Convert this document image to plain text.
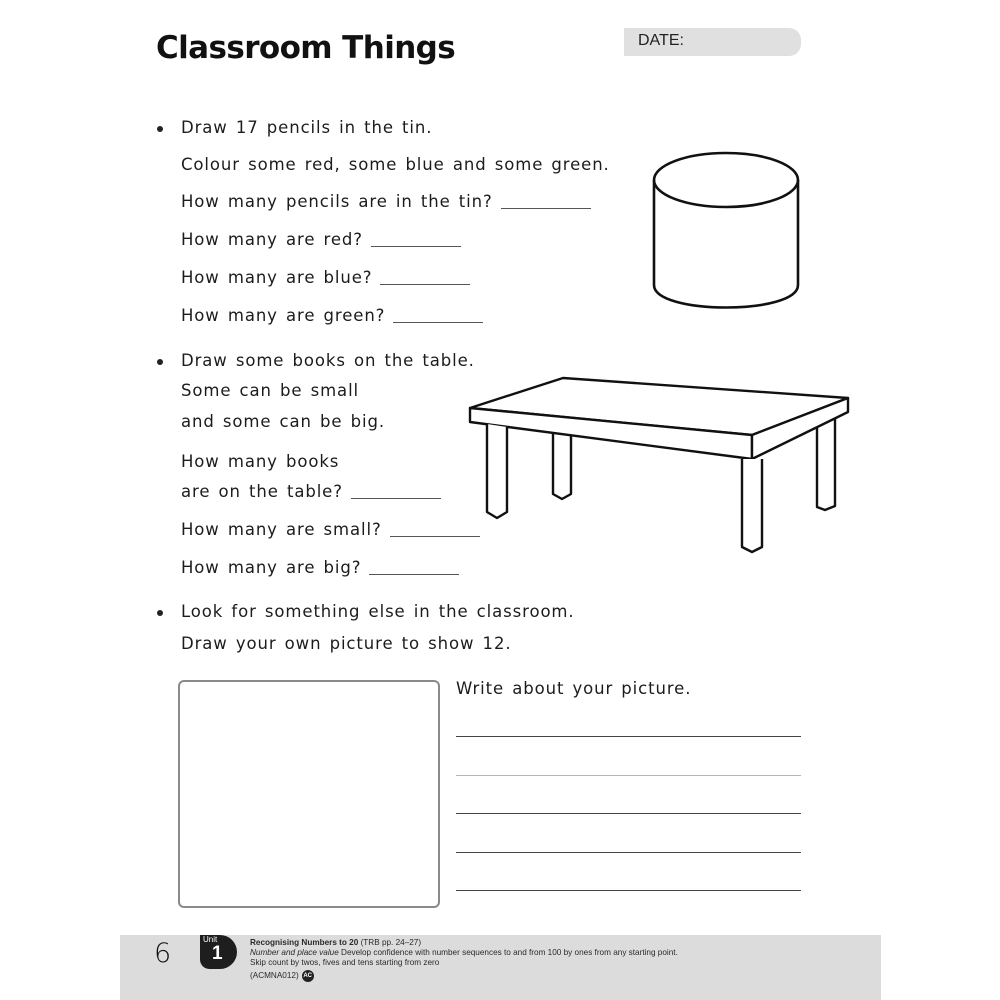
Classroom Things	DATE:
Draw 17 pencils in the tin.
Colour some red, some blue and some green.
How many pencils are in the tin?
How many are red?
How many are blue?
How many are green?
Draw some books on the table.
Some can be small
and some can be big.
How many books
are on the table?
How many are small?
How many are big?
Look for something else in the classroom.
Draw your own picture to show 12.
Write about your picture.
6	Unit
1
Recognising Numbers to 20 (TRB pp. 24–27)
Number and place value Develop confidence with number sequences to and from 100 by ones from any starting point.
Skip count by twos, fives and tens starting from zero
(ACMNA012) AC
